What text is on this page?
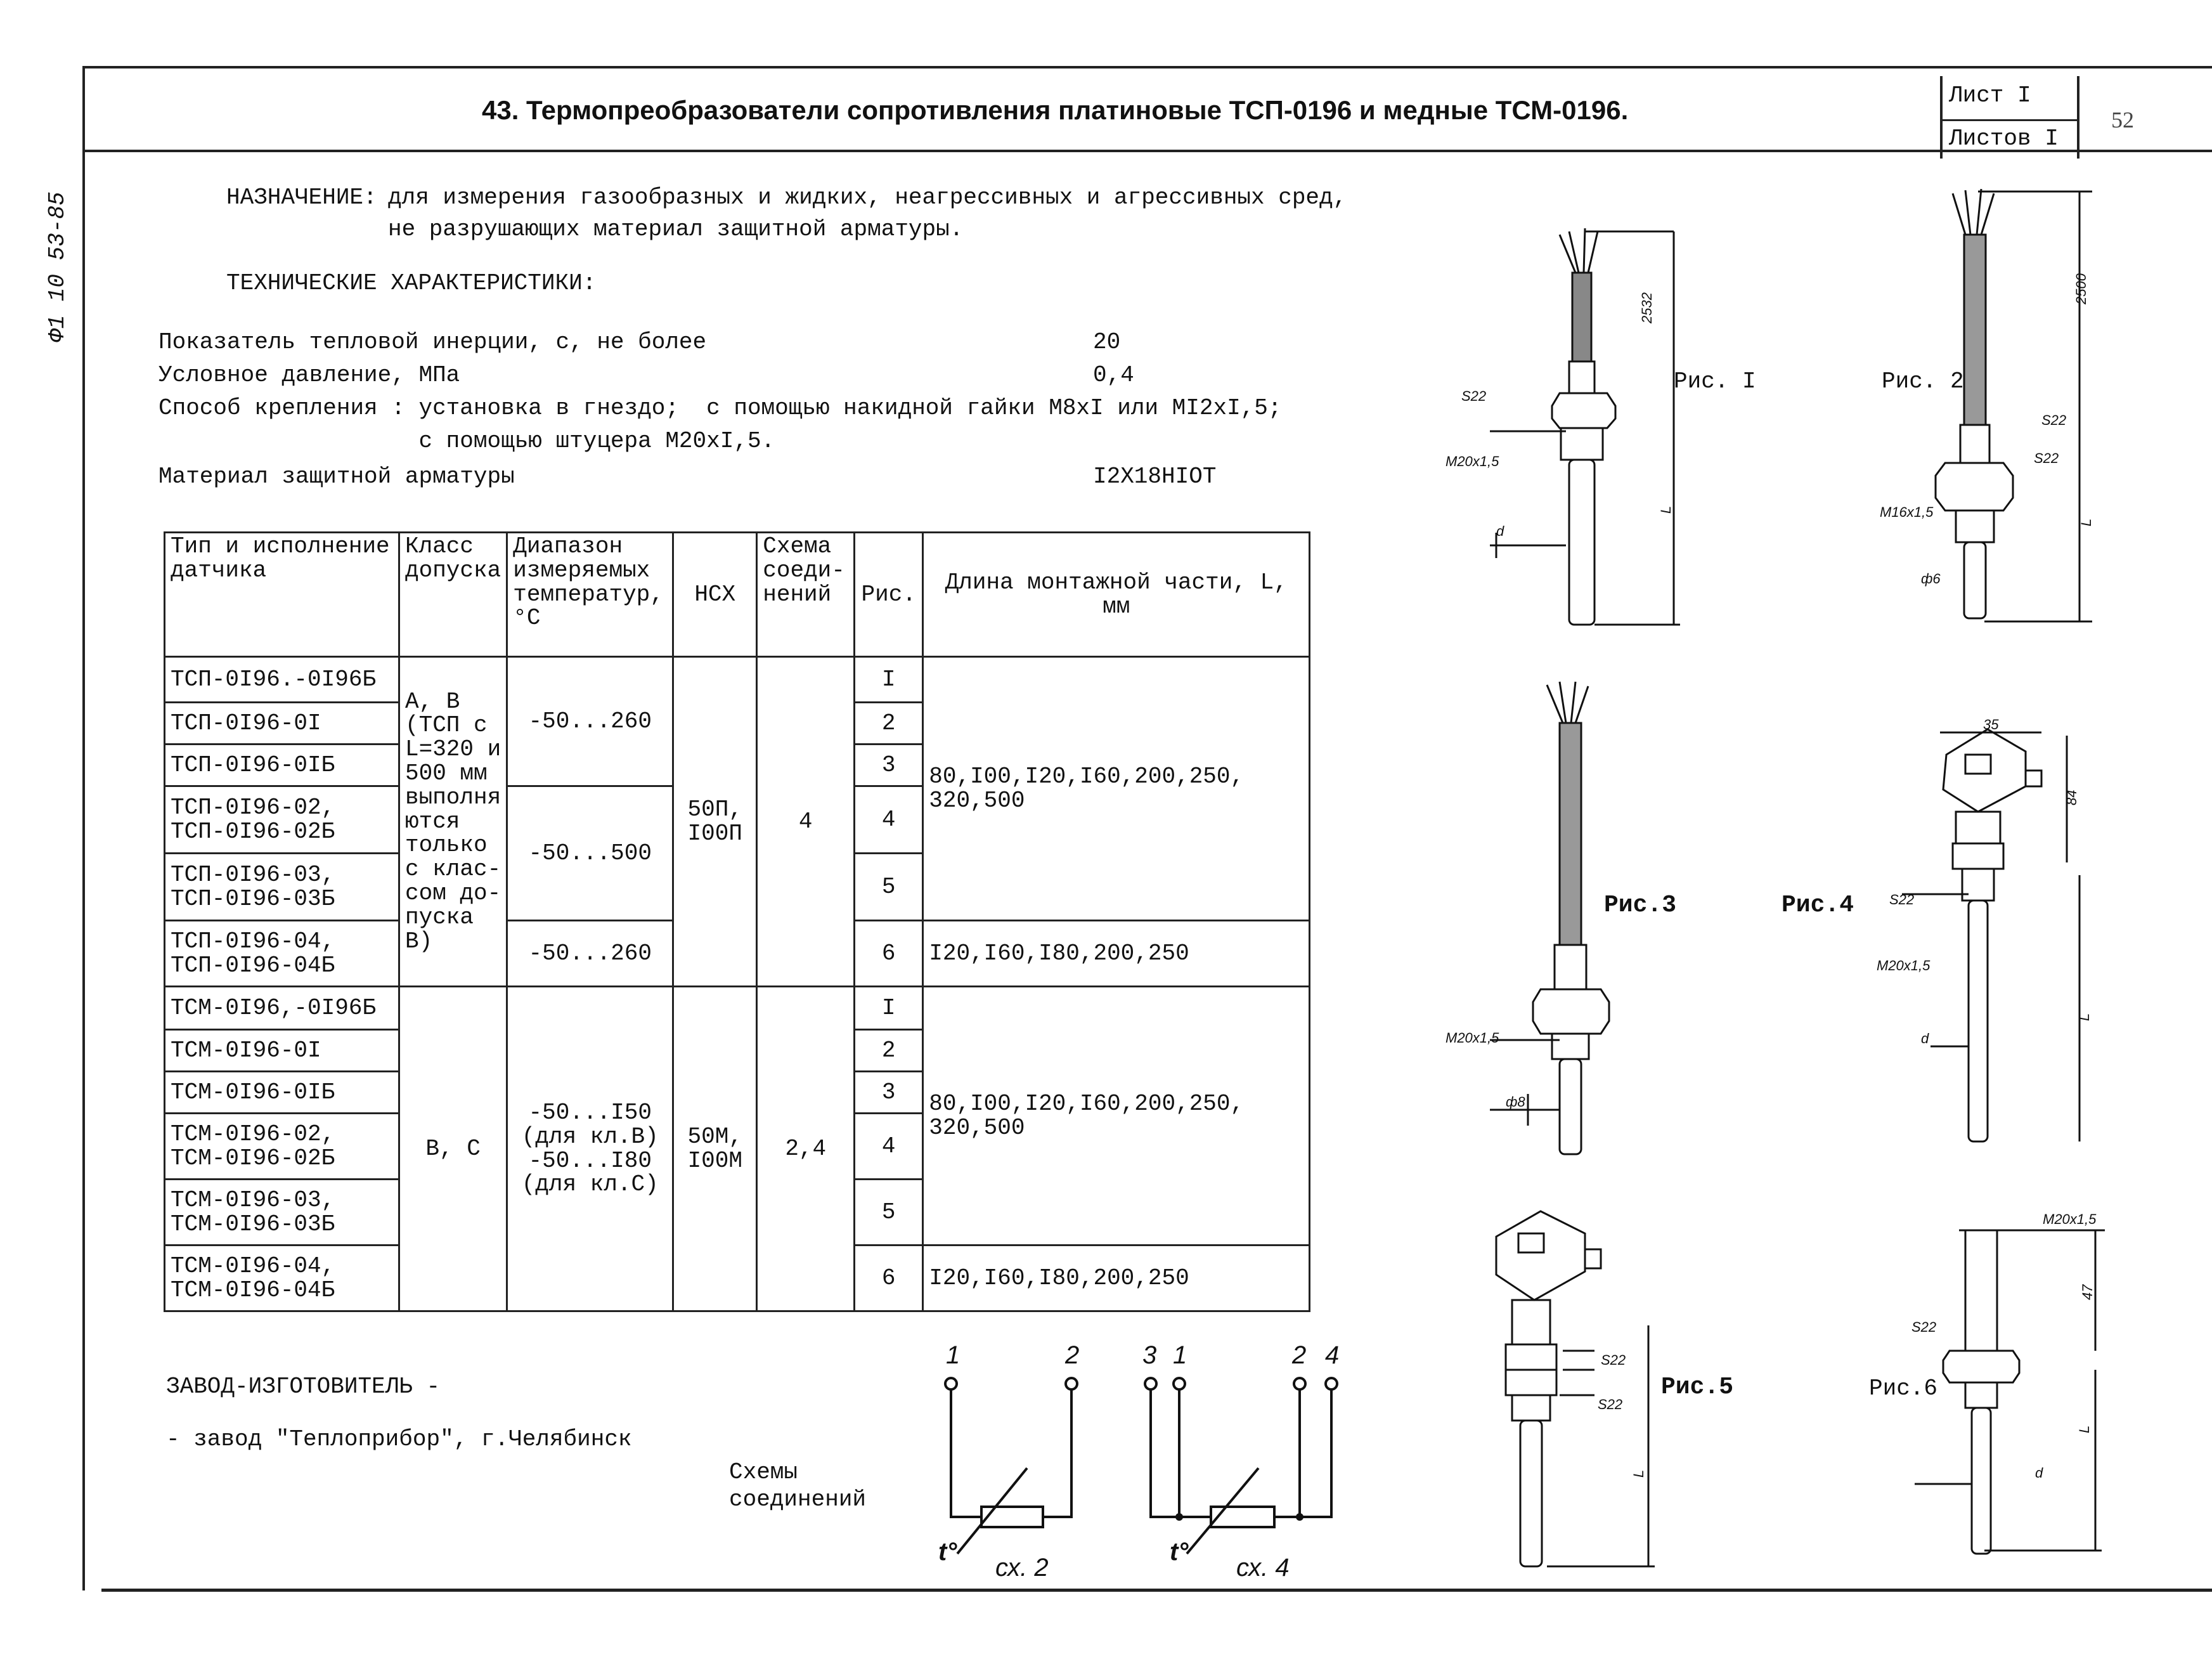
43. Термопреобразователи сопротивления платиновые ТСП-0196 и медные ТСМ-0196.	Лист I
Листов I
52
Ф1 10 53-85	НАЗНАЧЕНИЕ: для измерения газообразных и жидких, неагрессивных и агрессивных сред,
не разрушающих материал защитной арматуры.
ТЕХНИЧЕСКИЕ ХАРАКТЕРИСТИКИ:
Показатель тепловой инерции, с, не более	20
Условное давление, МПа	0,4
Способ крепления : установка в гнездо;  с помощью накидной гайки М8хI или МI2хI,5;
с помощью штуцера М20хI,5.
Материал защитной арматуры	I2Х18НIОТ
Тип и исполнение датчика	Класс допуска	Диапазон измеряемых температур, °С	НСХ	Схема соеди-нений	Рис.	Длина монтажной части, L, мм
ТСП-0I96.-0I96Б	А, В (ТСП с L=320 и 500 мм выполня ются только с клас-сом до-пуска В)	-50...260	50П, I00П	4	I	80,I00,I20,I60,200,250, 320,500
ТСП-0I96-0I					2	
ТСП-0I96-0IБ					3	
ТСП-0I96-02, ТСП-0I96-02Б		-50...500			4	
ТСП-0I96-03, ТСП-0I96-03Б					5	
ТСП-0I96-04, ТСП-0I96-04Б		-50...260			6	I20,I60,I80,200,250
ТСМ-0I96,-0I96Б	В, С	-50...I50 (для кл.В) -50...I80 (для кл.С)	50М, I00М	2,4	I	80,I00,I20,I60,200,250, 320,500
ТСМ-0I96-0I					2	
ТСМ-0I96-0IБ					3	
ТСМ-0I96-02, ТСМ-0I96-02Б					4	
ТСМ-0I96-03, ТСМ-0I96-03Б					5	
ТСМ-0I96-04, ТСМ-0I96-04Б					6	I20,I60,I80,200,250
ЗАВОД-ИЗГОТОВИТЕЛЬ -
- завод "Теплоприбор", г.Челябинск
Схемы соединений
1	2 3 1	2 4
t°
сх. 2
t°
сх. 4
2532
S22
M20x1,5
d
L
Рис. I
2500
S22
S22
M16x1,5
ф6
L
Рис. 2
M20x1,5
ф8
Рис.3
35
84
S22
M20x1,5
d
L
Рис.4
S22
S22
L
Рис.5
M20x1,5
47
S22
d
L
Рис.6
